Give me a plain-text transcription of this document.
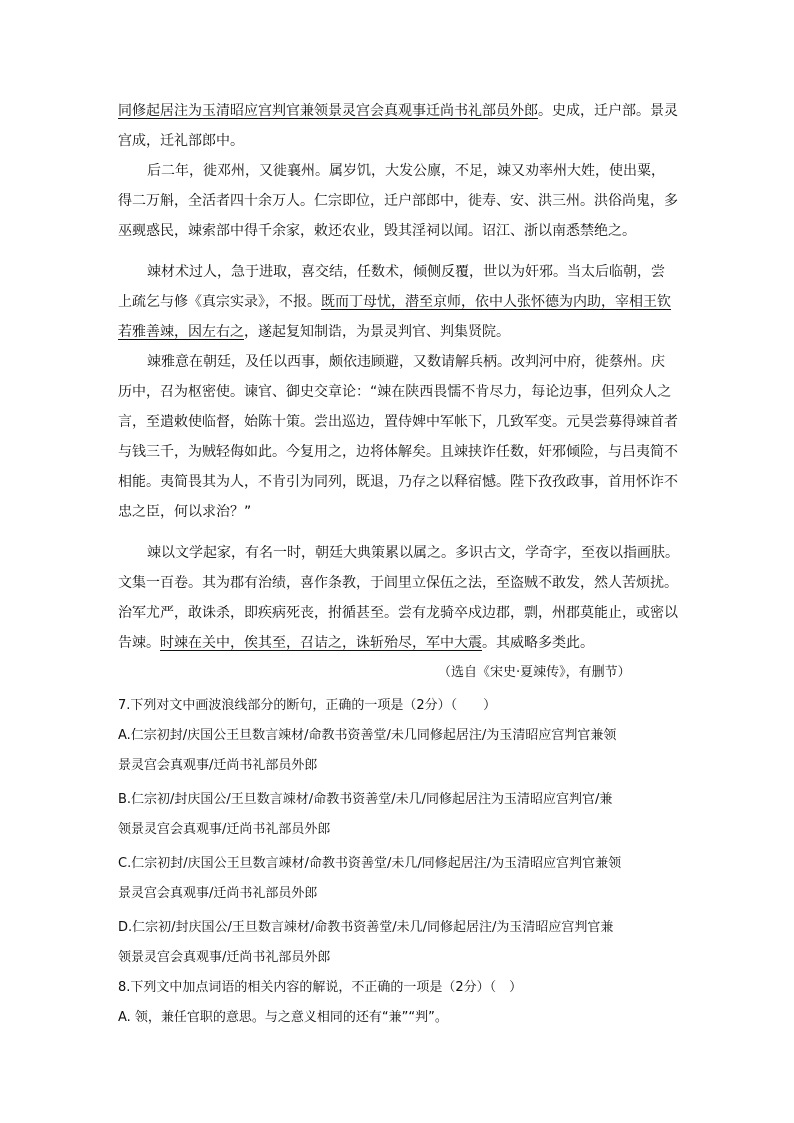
同修起居注为玉清昭应宫判官兼领景灵宫会真观事迁尚书礼部员外郎。史成，迁户部。景灵
宫成，迁礼部郎中。
后二年，徙邓州，又徙襄州。属岁饥，大发公廪，不足，竦又劝率州大姓，使出粟，
得二万斛，全活者四十余万人。仁宗即位，迁户部郎中，徙寿、安、洪三州。洪俗尚鬼，多
巫觋惑民，竦索部中得千余家，敕还农业，毁其淫祠以闻。诏江、浙以南悉禁绝之。
竦材术过人，急于进取，喜交结，任数术，倾侧反覆，世以为奸邪。当太后临朝，尝
上疏乞与修《真宗实录》，不报。既而丁母忧，潜至京师，依中人张怀德为内助，宰相王钦
若雅善竦，因左右之，遂起复知制诰，为景灵判官、判集贤院。
竦雅意在朝廷，及任以西事，颇依违顾避，又数请解兵柄。改判河中府，徙蔡州。庆
历中，召为枢密使。谏官、御史交章论：“竦在陕西畏懦不肯尽力，每论边事，但列众人之
言，至遣敕使临督，始陈十策。尝出巡边，置侍婢中军帐下，几致军变。元昊尝募得竦首者
与钱三千，为贼轻侮如此。今复用之，边将体解矣。且竦挟诈任数，奸邪倾险，与吕夷简不
相能。夷简畏其为人，不肯引为同列，既退，乃存之以释宿憾。陛下孜孜政事，首用怀诈不
忠之臣，何以求治？”
竦以文学起家，有名一时，朝廷大典策累以属之。多识古文，学奇字，至夜以指画肤。
文集一百卷。其为郡有治绩，喜作条教，于闾里立保伍之法，至盗贼不敢发，然人苦烦扰。
治军尤严，敢诛杀，即疾病死丧，拊循甚至。尝有龙骑卒戍边郡，剽，州郡莫能止，或密以
告竦。时竦在关中，俟其至，召诘之，诛斩殆尽，军中大震。其威略多类此。
（选自《宋史·夏竦传》，有删节）
7.下列对文中画波浪线部分的断句，正确的一项是（2分）（　　）
A.仁宗初封/庆国公王旦数言竦材/命教书资善堂/未几同修起居注/为玉清昭应宫判官兼领
景灵宫会真观事/迁尚书礼部员外郎
B.仁宗初/封庆国公/王旦数言竦材/命教书资善堂/未几/同修起居注为玉清昭应宫判官/兼
领景灵宫会真观事/迁尚书礼部员外郎
C.仁宗初封/庆国公王旦数言竦材/命教书资善堂/未几/同修起居注/为玉清昭应宫判官兼领
景灵宫会真观事/迁尚书礼部员外郎
D.仁宗初/封庆国公/王旦数言竦材/命教书资善堂/未几/同修起居注/为玉清昭应宫判官兼
领景灵宫会真观事/迁尚书礼部员外郎
8.下列文中加点词语的相关内容的解说，不正确的一项是（2分）（　）
A. 领，兼任官职的意思。与之意义相同的还有“兼”“判”。
